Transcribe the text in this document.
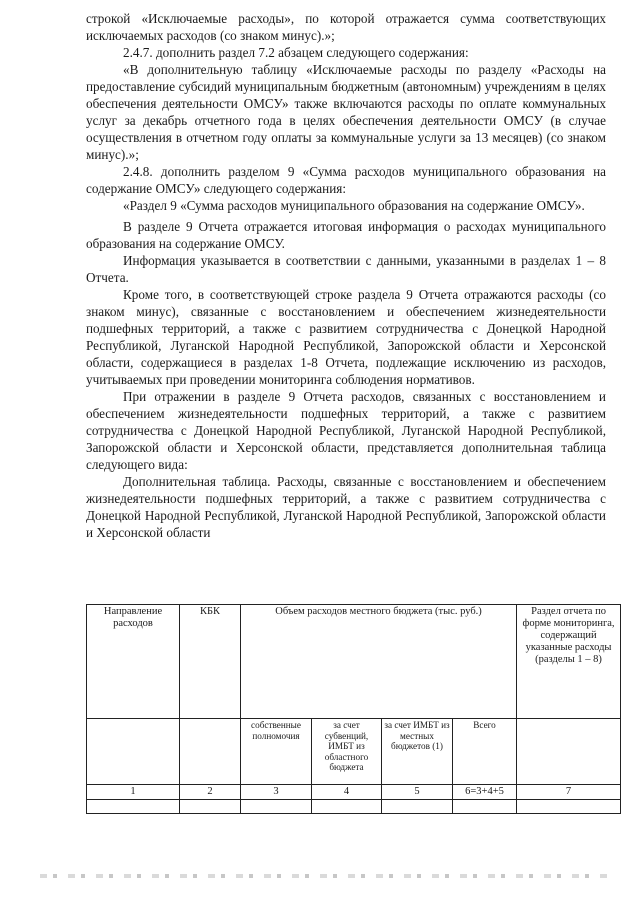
строкой «Исключаемые расходы», по которой отражается сумма соответствующих исключаемых расходов (со знаком минус).»;

2.4.7. дополнить раздел 7.2 абзацем следующего содержания:

«В дополнительную таблицу «Исключаемые расходы по разделу «Расходы на предоставление субсидий муниципальным бюджетным (автономным) учреждениям в целях обеспечения деятельности ОМСУ» также включаются расходы по оплате коммунальных услуг за декабрь отчетного года в целях обеспечения деятельности ОМСУ (в случае осуществления в отчетном году оплаты за коммунальные услуги за 13 месяцев) (со знаком минус).»;

2.4.8. дополнить разделом 9 «Сумма расходов муниципального образования на содержание ОМСУ» следующего содержания:

«Раздел 9 «Сумма расходов муниципального образования на содержание ОМСУ».

В разделе 9 Отчета отражается итоговая информация о расходах муниципального образования на содержание ОМСУ.

Информация указывается в соответствии с данными, указанными в разделах 1 – 8 Отчета.

Кроме того, в соответствующей строке раздела 9 Отчета отражаются расходы (со знаком минус), связанные с восстановлением и обеспечением жизнедеятельности подшефных территорий, а также с развитием сотрудничества с Донецкой Народной Республикой, Луганской Народной Республикой, Запорожской области и Херсонской области, содержащиеся в разделах 1-8 Отчета, подлежащие исключению из расходов, учитываемых при проведении мониторинга соблюдения нормативов.

При отражении в разделе 9 Отчета расходов, связанных с восстановлением и обеспечением жизнедеятельности подшефных территорий, а также с развитием сотрудничества с Донецкой Народной Республикой, Луганской Народной Республикой, Запорожской области и Херсонской области, представляется дополнительная таблица следующего вида:

Дополнительная таблица. Расходы, связанные с восстановлением и обеспечением жизнедеятельности подшефных территорий, а также с развитием сотрудничества с Донецкой Народной Республикой, Луганской Народной Республикой, Запорожской области и Херсонской области

Направление расходов	КБК	Объем расходов местного бюджета (тыс. руб.)				Раздел отчета по форме мониторинга, содержащий указанные расходы (разделы 1 – 8)
		собственные полномочия	за счет субвенций, ИМБТ из областного бюджета	за счет ИМБТ из местных бюджетов (1)	Всего	
1	2	3	4	5	6=3+4+5	7
